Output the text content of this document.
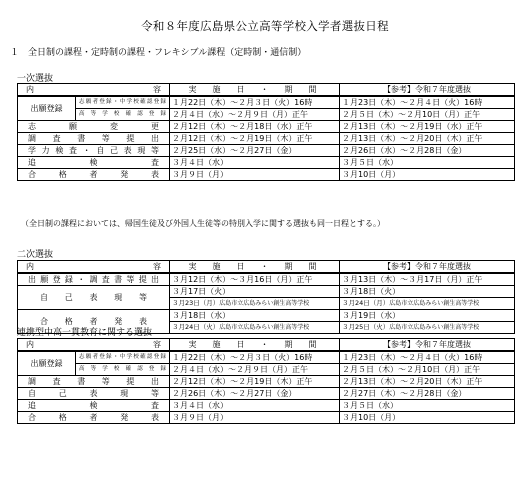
令和８年度広島県公立高等学校入学者選抜日程
１　全日制の課程・定時制の課程・フレキシブル課程（定時制・通信制）
一次選抜
内 容		実　施　日　・　期　間	【参考】令和７年度選抜
出願登録	志願者登録・中学校確認登録	１月22日（木）～２月３日（火）16時	１月23日（木）～２月４日（火）16時
	高等学校確認登録	２月４日（水）～２月９日（月）正午	２月５日（木）～２月10日（月）正午
志願変更		２月12日（木）～２月18日（水）正午	２月13日（木）～２月19日（水）正午
調査書等提出		２月12日（木）～２月19日（木）正午	２月13日（木）～２月20日（木）正午
学力検査・自己表現等		２月25日（水）～２月27日（金）	２月26日（水）～２月28日（金）
追検査		３月４日（水）	３月５日（水）
合格者発表		３月９日（月）	３月10日（月）
（全日制の課程においては、帰国生徒及び外国人生徒等の特別入学に関する選抜も同一日程とする。）
二次選抜
内 容	実　施　日　・　期　間	【参考】令和７年度選抜
出願登録・調査書等提出	３月12日（木）～３月16日（月）正午	３月13日（木）～３月17日（月）正午
自己表現等	３月17日（火）	３月18日（火）
	３月23日（月）広島市立広島みらい創生高等学校	３月24日（月）広島市立広島みらい創生高等学校
合格者発表	３月18日（水）	３月19日（水）
	３月24日（火）広島市立広島みらい創生高等学校	３月25日（火）広島市立広島みらい創生高等学校
連携型中高一貫教育に関する選抜
内 容		実　施　日　・　期　間	【参考】令和７年度選抜
出願登録	志願者登録・中学校確認登録	１月22日（木）～２月３日（火）16時	１月23日（木）～２月４日（火）16時
	高等学校確認登録	２月４日（水）～２月９日（月）正午	２月５日（木）～２月10日（月）正午
調査書等提出		２月12日（木）～２月19日（木）正午	２月13日（木）～２月20日（木）正午
自己表現等		２月26日（木）～２月27日（金）	２月27日（木）～２月28日（金）
追検査		３月４日（水）	３月５日（水）
合格者発表		３月９日（月）	３月10日（月）
